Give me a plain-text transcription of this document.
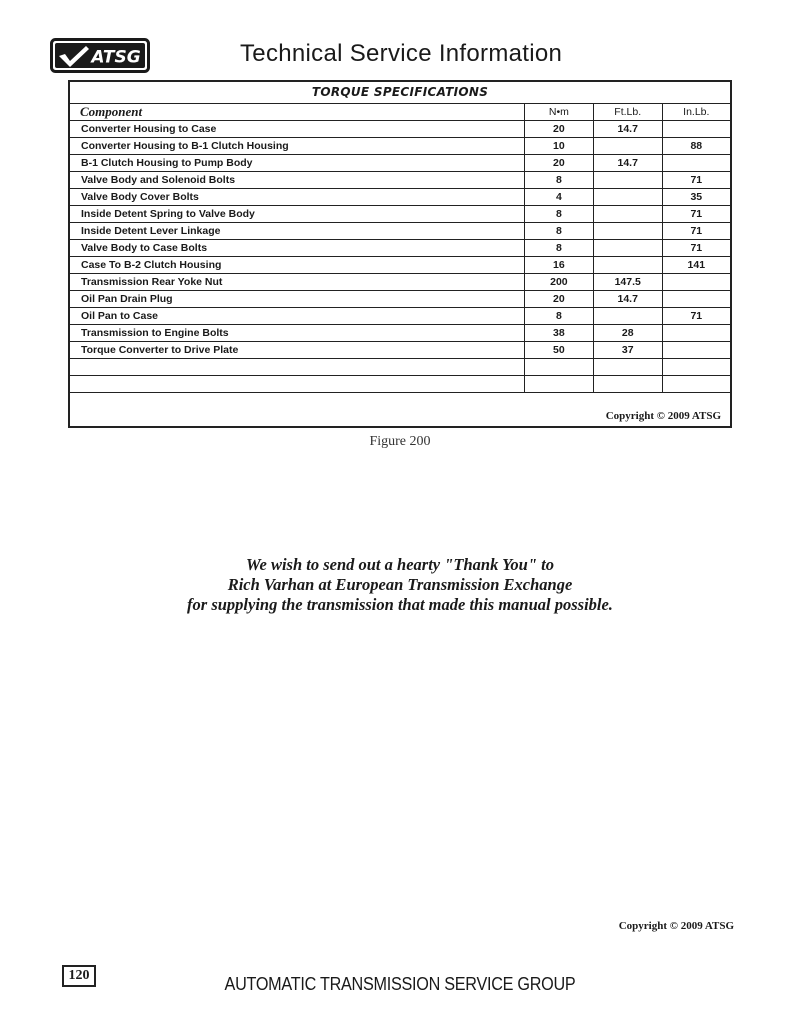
ATSG	Technical Service Information
TORQUE SPECIFICATIONS			
Component	N•m	Ft.Lb.	In.Lb.
Converter Housing to Case	20	14.7	
Converter Housing to B-1 Clutch Housing	10		88
B-1 Clutch Housing to Pump Body	20	14.7	
Valve Body and Solenoid Bolts	8		71
Valve Body Cover Bolts	4		35
Inside Detent Spring to Valve Body	8		71
Inside Detent Lever Linkage	8		71
Valve Body to Case Bolts	8		71
Case To B-2 Clutch Housing	16		141
Transmission Rear Yoke Nut	200	147.5	
Oil Pan Drain Plug	20	14.7	
Oil Pan to Case	8		71
Transmission to Engine Bolts	38	28	
Torque Converter to Drive Plate	50	37	

Copyright © 2009 ATSG			
Figure 200
We wish to send out a hearty "Thank You" to
Rich Varhan at European Transmission Exchange
for supplying the transmission that made this manual possible.
Copyright © 2009 ATSG
120	AUTOMATIC TRANSMISSION SERVICE GROUP
